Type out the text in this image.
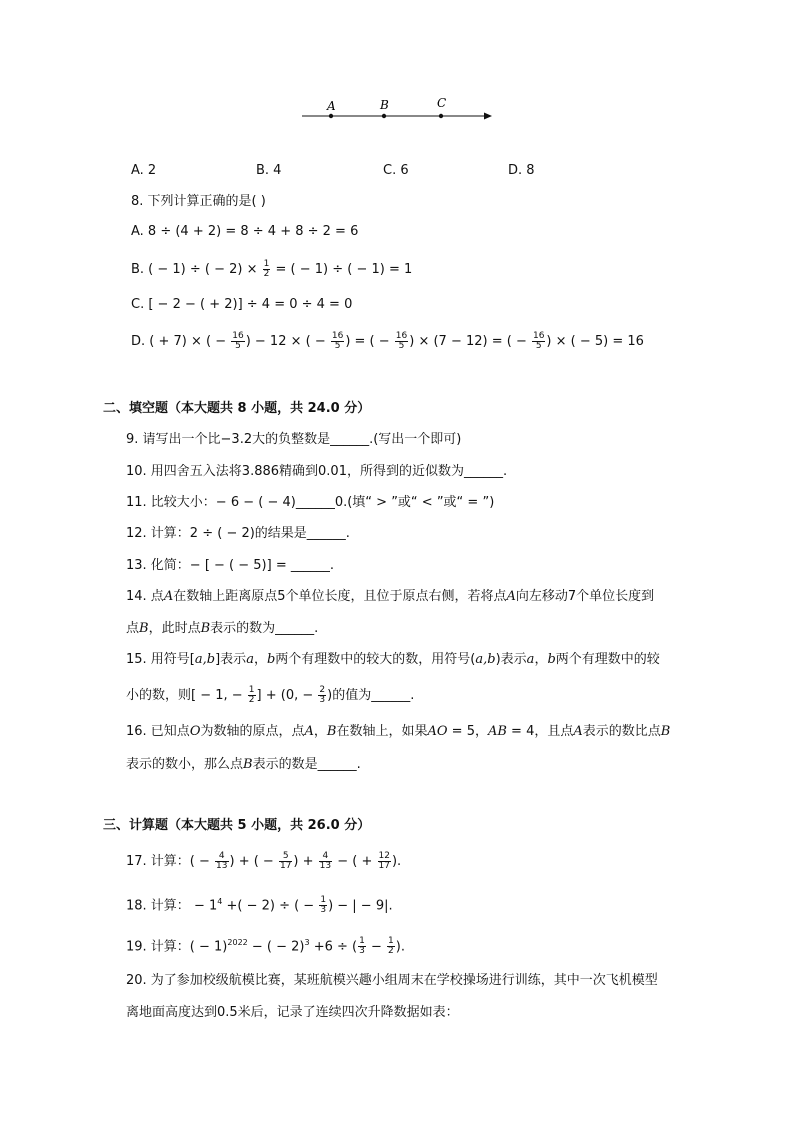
A	B	C
A. 2	B. 4	C. 6	D. 8
8. 下列计算正确的是( )
A. 8 ÷ (4 + 2) = 8 ÷ 4 + 8 ÷ 2 = 6
B. ( − 1) ÷ ( − $2) \times \frac{1}{2}$ = ( − 1) ÷ ( − 1) = 1
C. [ − 2 − ( + 2)] ÷ 4 = 0 ÷ 4 = 0
D. ( + 7) × ( − $\frac{16}{5}$ ) − 12 × ( − $\frac{16}{5}$ ) = ( − $\frac{16}{5}$ ) × (7 − 12) = ( − $\frac{16}{5}$ ) × ( − 5) = 16
二、填空题（本大题共 8 小题，共 24.0 分）
9. 请写出一个比−3.2大的负整数是______.(写出一个即可)
10. 用四舍五入法将3.886精确到0.01，所得到的近似数为______.
11. 比较大小：− 6 − ( − 4)______0.(填“ > ”或“ < ”或“ = ”)
12. 计算：2 ÷ ( − 2)的结果是______.
13. 化简：− [ − ( − 5)] = ______.
14. 点A在数轴上距离原点5个单位长度，且位于原点右侧，若将点A向左移动7个单位长度到
点B，此时点B表示的数为______.
15. 用符号[a,b]表示a，b两个有理数中的较大的数，用符号(a,b)表示a，b两个有理数中的较
小的数，则[ − 1, − $\frac{1}{2}$ ] + (0, − $\frac{2}{3}$ )的值为______.
16. 已知点O为数轴的原点，点A，B在数轴上，如果AO = 5，AB = 4，且点A表示的数比点B
表示的数小，那么点B表示的数是______.
三、计算题（本大题共 5 小题，共 26.0 分）
17. 计算：( − $\frac{4}{13}$ ) + ( − $\frac{5}{17}$ ) + $\frac{4}{13}$ − ( + $\frac{12}{17}$ ).
18. 计算： − $1^4$ +( − 2) ÷ ( − $\frac{1}{3}$ ) − | − 9|.
19. 计算：( − 1)$^{2022}$ − ( − 2)$^3$ +6 ÷ ( $\frac{1}{3} - \frac{1}{2}$ ).
20. 为了参加校级航模比赛，某班航模兴趣小组周末在学校操场进行训练，其中一次飞机模型
离地面高度达到0.5米后，记录了连续四次升降数据如表：
